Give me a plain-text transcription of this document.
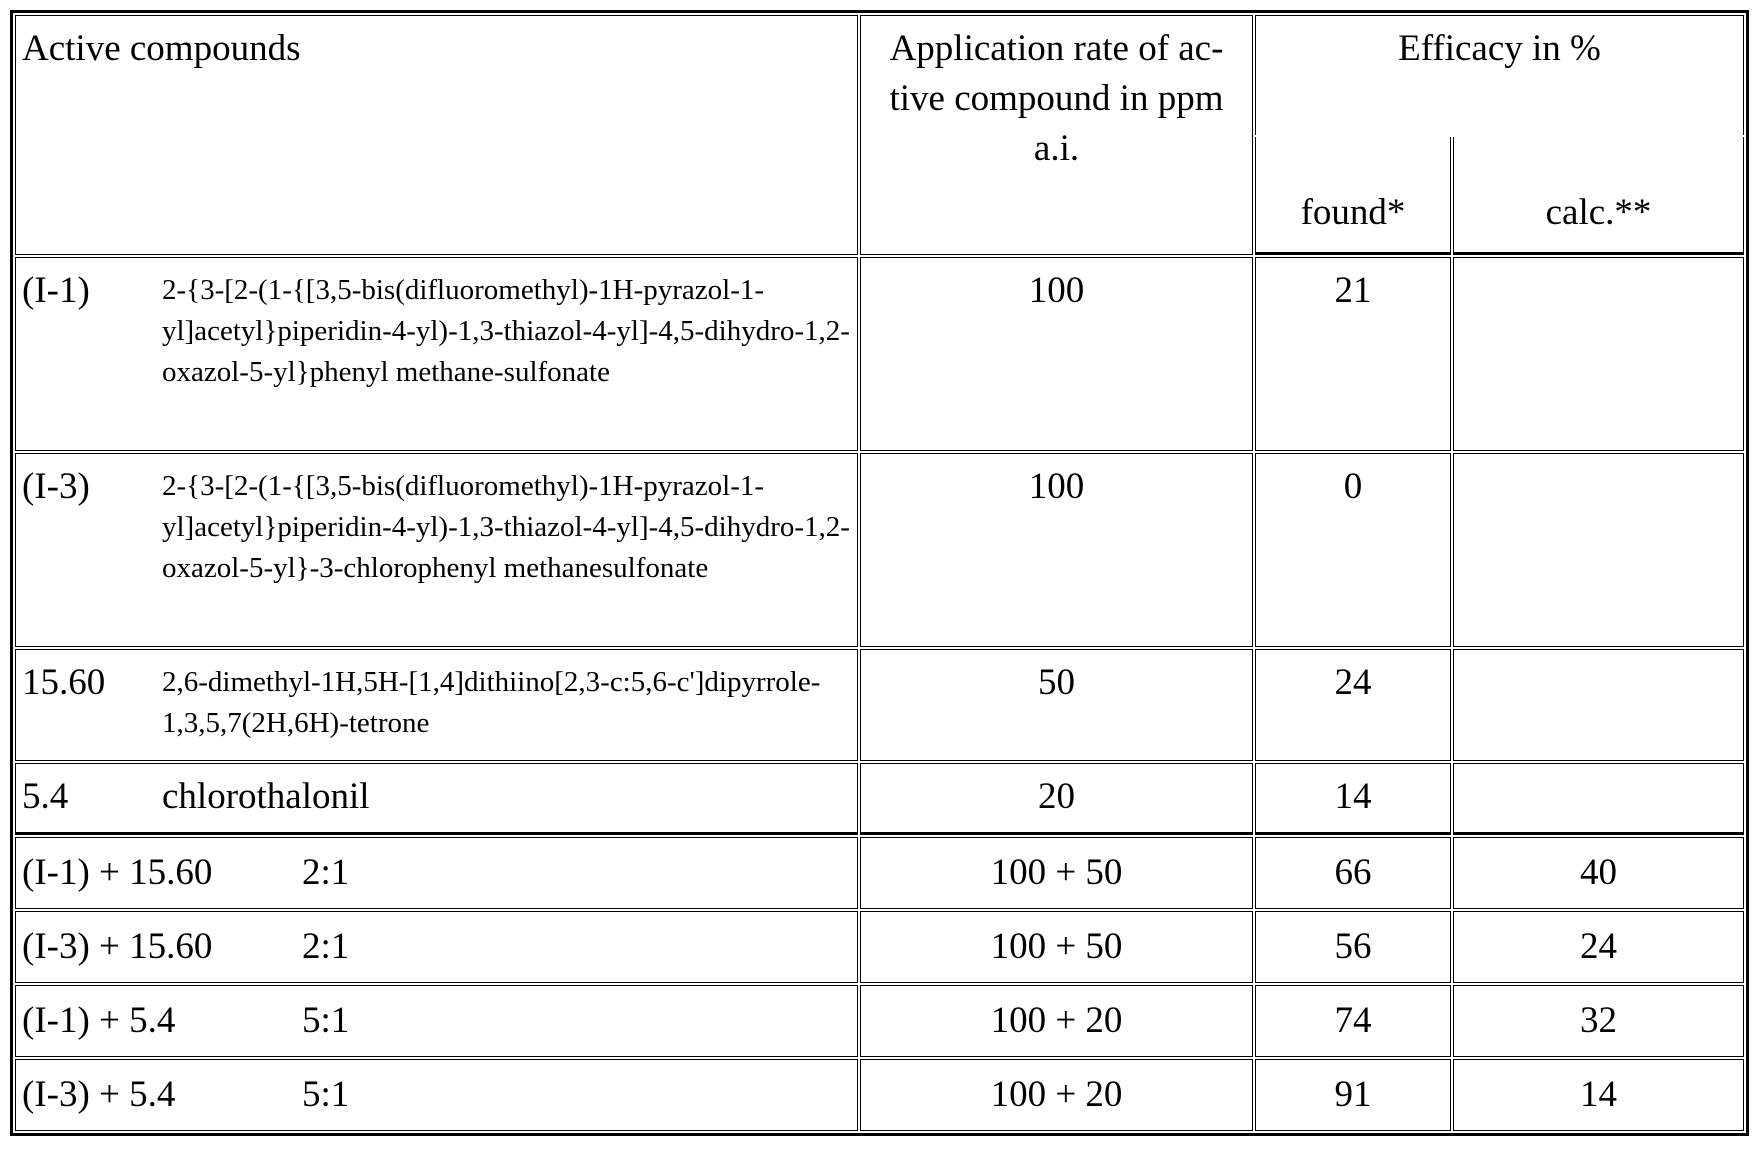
Active compounds	Application rate of ac- tive compound in ppm a.i.	Efficacy in %
found*	calc.**
(I-1) 2-{3-[2-(1-{[3,5-bis(difluoromethyl)-1H-pyrazol-1-yl]acetyl}piperidin-4-yl)-1,3-thiazol-4-yl]-4,5-dihydro-1,2-oxazol-5-yl}phenyl methane-sulfonate	100	21	
(I-3) 2-{3-[2-(1-{[3,5-bis(difluoromethyl)-1H-pyrazol-1-yl]acetyl}piperidin-4-yl)-1,3-thiazol-4-yl]-4,5-dihydro-1,2-oxazol-5-yl}-3-chlorophenyl methanesulfonate	100	0	
15.60 2,6-dimethyl-1H,5H-[1,4]dithiino[2,3-c:5,6-c']dipyrrole-1,3,5,7(2H,6H)-tetrone	50	24	
5.4	chlorothalonil	20	14	
(I-1) + 15.60 2:1	100 + 50	66	40
(I-3) + 15.60 2:1	100 + 50	56	24
(I-1) + 5.4	5:1	100 + 20	74	32
(I-3) + 5.4	5:1	100 + 20	91	14
